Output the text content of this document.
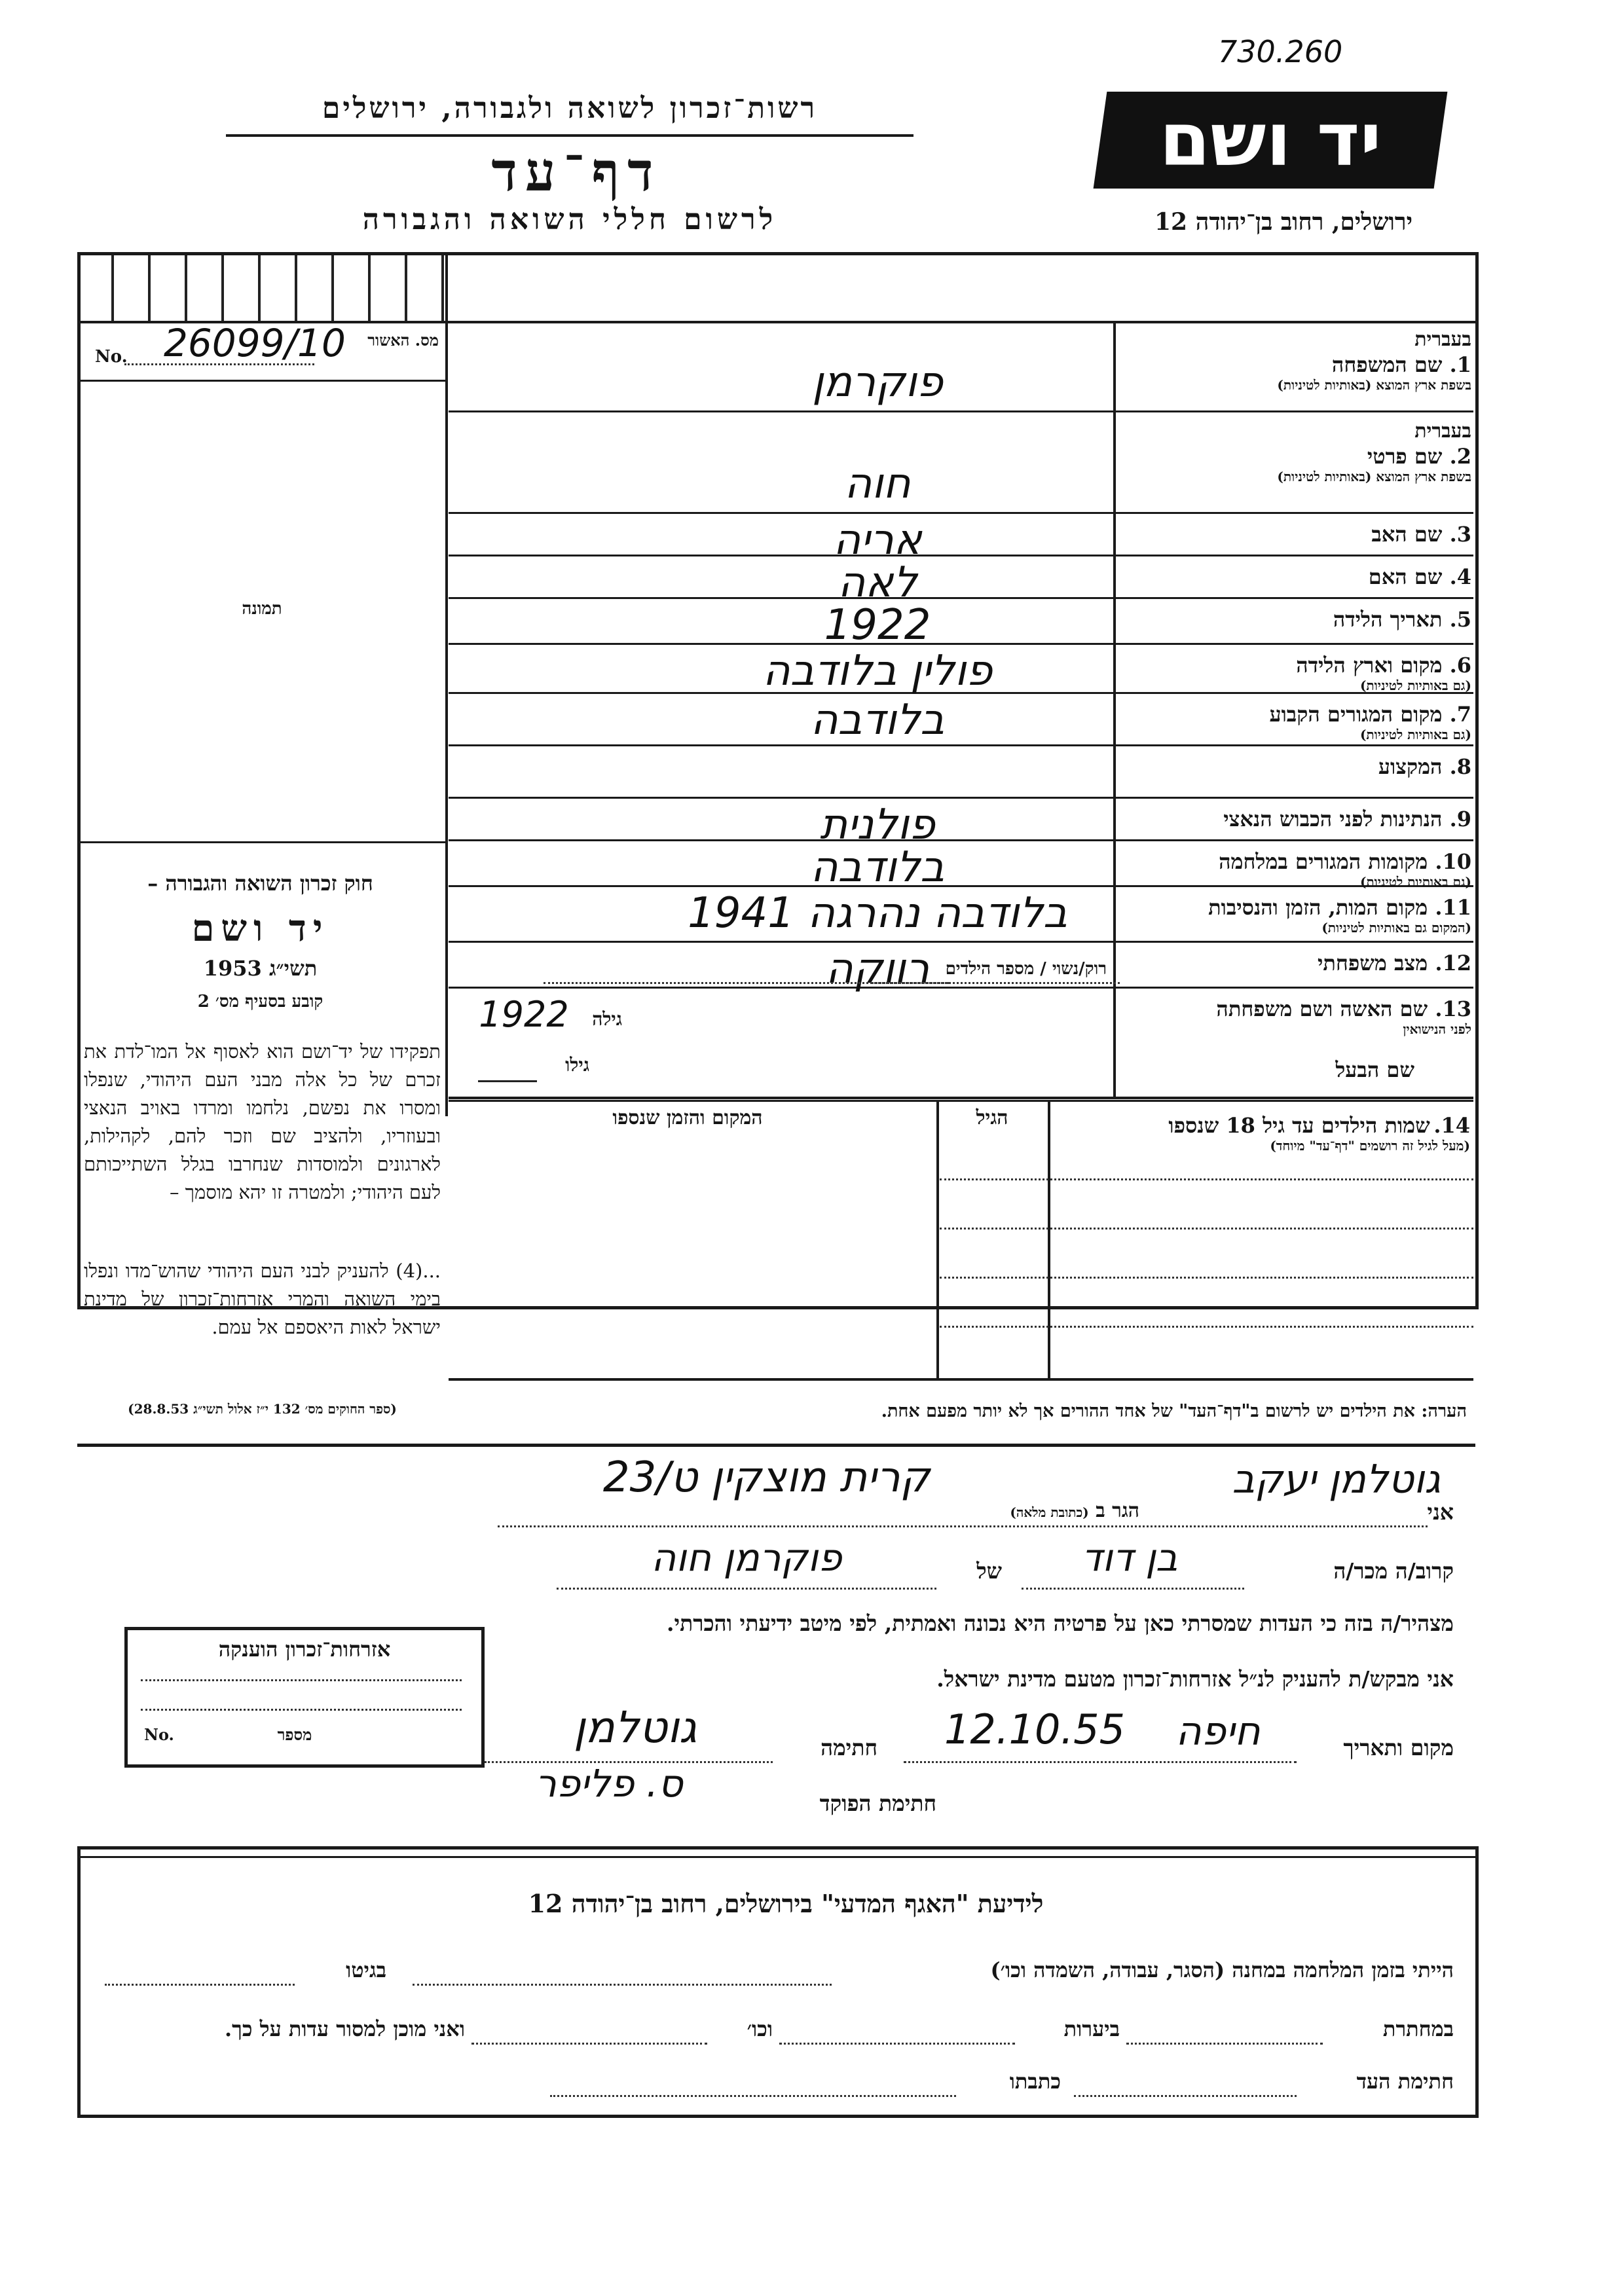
730.260
רשות־זכרון לשואה ולגבורה, ירושלים
דף־עד
לרשום חללי השואה והגבורה
יד ושם
ירושלים, רחוב בן־יהודה 12
מס. האשור
26099/10
No.
תמונה
חוק זכרון השואה והגבורה –
יד ושם
תשי״ג 1953
קובע בסעיף מס׳ 2
תפקידו של יד־ושם הוא לאסוף אל המו־לדת את זכרם של כל אלה מבני העם היהודי, שנפלו ומסרו את נפשם, נלחמו ומרדו באויב הנאצי ובעוזריו, ולהציב שם וזכר להם, לקהילות, לארגונים ולמוסדות שנחרבו בגלל השתייכותם לעם היהודי; ולמטרה זו יהא מוסמך –
...(4) להעניק לבני העם היהודי שהוש־מדו ונפלו בימי השואה והמרי אזרחות־זכרון של מדינת ישראל לאות היאספם אל עמם.
(ספר החוקים מס׳ 132 י״ז אלול תשי״ג 28.8.53)
בעברית
1. שם המשפחה
בשפת ארץ המוצא (באותיות לטיניות)
פוקרמן
בעברית
2. שם פרטי
בשפת ארץ המוצא (באותיות לטיניות)
חוה
3. שם האב
אריה
4. שם האם
לאה
5. תאריך הלידה
1922
6. מקום וארץ הלידה
(גם באותיות לטיניות)
פולין בלודבה
7. מקום המגורים הקבוע
(גם באותיות לטיניות)
בלודבה
8. המקצוע
9. הנתינות לפני הכבוש הנאצי
פולנית
10. מקומות המגורים במלחמה
(גם באותיות לטיניות)
בלודבה
11. מקום המות, הזמן והנסיבות
(המקום גם באותיות לטיניות)
בלודבה נהרגה 1941
12. מצב משפחתי
רווקה
13. שם האשה ושם משפחתה
לפני הנישואין
1922
רוק/נשוי / מספר הילדים
גילה
שם הבעל
גילו
14. שמות הילדים עד גיל 18 שנספו
(מעל לגיל זה רושמים "דף־עד" מיוחד)
הגיל
המקום והזמן שנספו
הערה: את הילדים יש לרשום ב"דף־העד" של אחד ההורים אך לא יותר מפעם אחת.
אני
גוטלמן יעקב
הגר ב (כתובת מלאה)
קרית מוצקין ט/23
קרוב/ה מכר/ה
בן דוד
של
פוקרמן חוה
מצהיר/ה בזה כי העדות שמסרתי כאן על פרטיה היא נכונה ואמתית, לפי מיטב ידיעתי והכרתי.
אני מבקש/ת להעניק לנ״ל אזרחות־זכרון מטעם מדינת ישראל.
מקום ותאריך
חיפה
12.10.55
חתימה
גוטלמן
חתימת הפוקד
ס. פליפר
אזרחות־זכרון הוענקה
מספר
No.
לידיעת "האגף המדעי" בירושלים, רחוב בן־יהודה 12
הייתי בזמן המלחמה במחנה (הסגר, עבודה, השמדה וכו׳)
בגיטו
במחתרת
ביערות
וכו׳
ואני מוכן למסור עדות על כך.
חתימת העד
כתבתו
